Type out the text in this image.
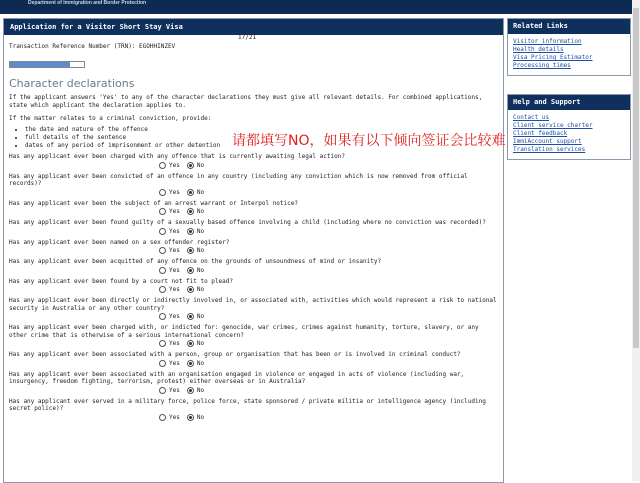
Department of Immigration and Border Protection
Application for a Visitor Short Stay Visa
Transaction Reference Number (TRN): EGOHHINZEV
Character declarations
If the applicant answers 'Yes' to any of the character declarations they must give all relevant details. For combined applications, state which applicant the declaration applies to.
If the matter relates to a criminal conviction, provide:
• the date and nature of the offence
• full details of the sentence
• dates of any period of imprisonment or other detention
Has any applicant ever been charged with any offence that is currently awaiting legal action?
Yes	No
Has any applicant ever been convicted of an offence in any country (including any conviction which is now removed from official records)?
Yes	No
Has any applicant ever been the subject of an arrest warrant or Interpol notice?
Yes	No
Has any applicant ever been found guilty of a sexually based offence involving a child (including where no conviction was recorded)?
Yes	No
Has any applicant ever been named on a sex offender register?
Yes	No
Has any applicant ever been acquitted of any offence on the grounds of unsoundness of mind or insanity?
Yes	No
Has any applicant ever been found by a court not fit to plead?
Yes	No
Has any applicant ever been directly or indirectly involved in, or associated with, activities which would represent a risk to national security in Australia or any other country?
Yes	No
Has any applicant ever been charged with, or indicted for: genocide, war crimes, crimes against humanity, torture, slavery, or any other crime that is otherwise of a serious international concern?
Yes	No
Has any applicant ever been associated with a person, group or organisation that has been or is involved in criminal conduct?
Yes	No
Has any applicant ever been associated with an organisation engaged in violence or engaged in acts of violence (including war, insurgency, freedom fighting, terrorism, protest) either overseas or in Australia?
Yes	No
Has any applicant ever served in a military force, police force, state sponsored / private militia or intelligence agency (including secret police)?
Yes	No
17/21
请都填写NO，如果有以下倾向签证会比较难
Related Links
Visitor information
Health details
Visa Pricing Estimator
Processing times
Help and Support
Contact us
Client service charter
Client feedback
ImmiAccount support
Translation services
